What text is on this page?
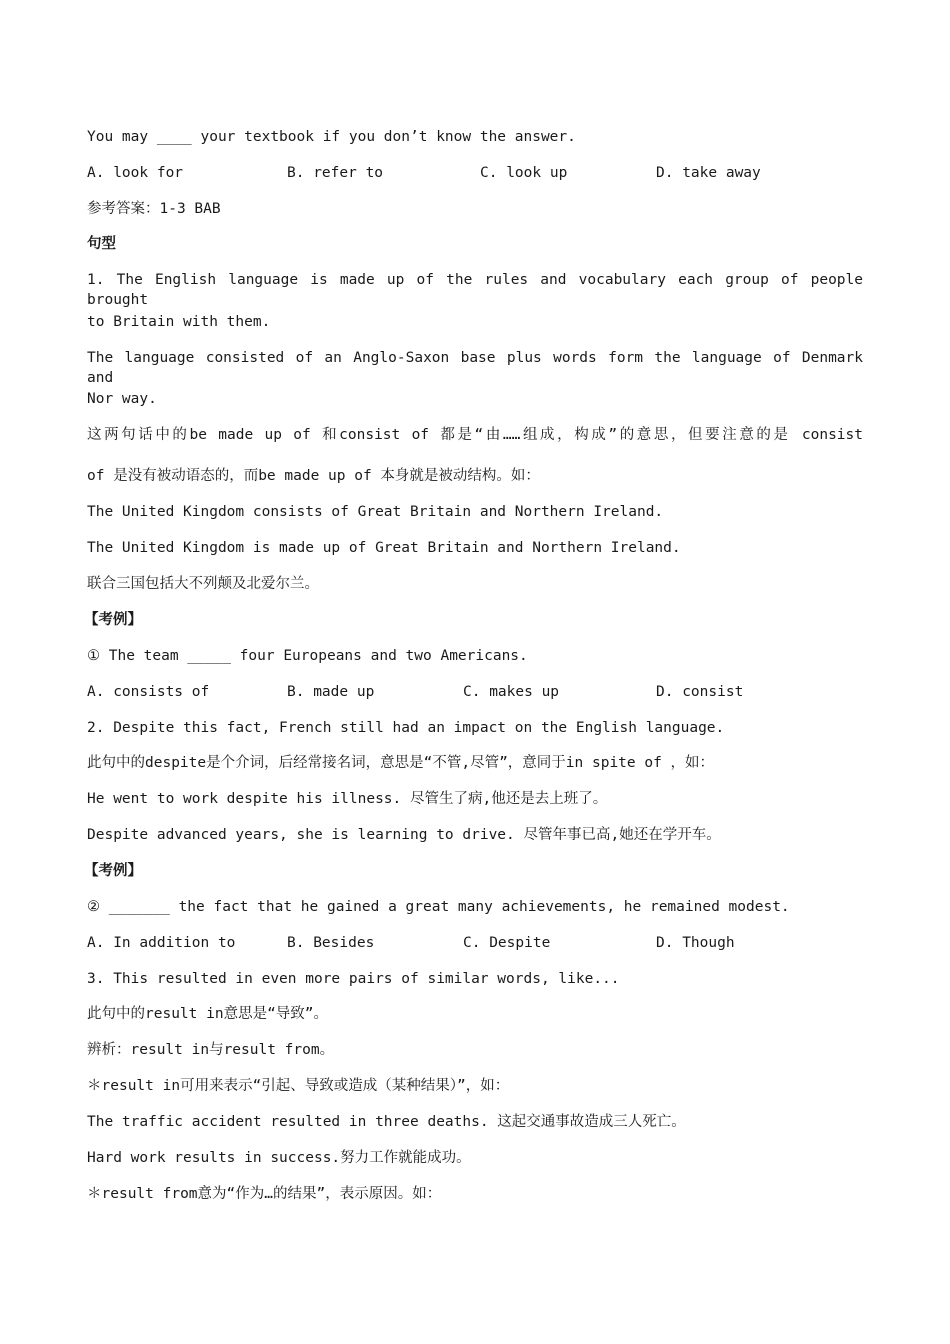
You may ____ your textbook if you don’t know the answer.
A. look for	B. refer to	C. look up	D. take away
参考答案：1-3 BAB
句型
1. The English language is made up of the rules and vocabulary each group of people brought
to Britain with them.
The language consisted of an Anglo-Saxon base plus words form the language of Denmark and
Nor way.
这两句话中的be made up of 和consist of 都是“由……组成，构成”的意思，但要注意的是 consist
of 是没有被动语态的，而be made up of 本身就是被动结构。如：
The United Kingdom consists of Great Britain and Northern Ireland.
The United Kingdom is made up of Great Britain and Northern Ireland.
联合三国包括大不列颠及北爱尔兰。
【考例】
① The team _____ four Europeans and two Americans.
A. consists of	B. made up	C. makes up	D. consist
2. Despite this fact, French still had an impact on the English language.
此句中的despite是个介词，后经常接名词，意思是“不管,尽管”，意同于in spite of ，如：
He went to work despite his illness. 尽管生了病,他还是去上班了。
Despite advanced years, she is learning to drive. 尽管年事已高,她还在学开车。
【考例】
② _______ the fact that he gained a great many achievements, he remained modest.
A. In addition to	B. Besides	C. Despite	D. Though
3. This resulted in even more pairs of similar words, like...
此句中的result in意思是“导致”。
辨析：result in与result from。
＊result in可用来表示“引起、导致或造成（某种结果）”，如：
The traffic accident resulted in three deaths. 这起交通事故造成三人死亡。
Hard work results in success.努力工作就能成功。
＊result from意为“作为…的结果”，表示原因。如：
